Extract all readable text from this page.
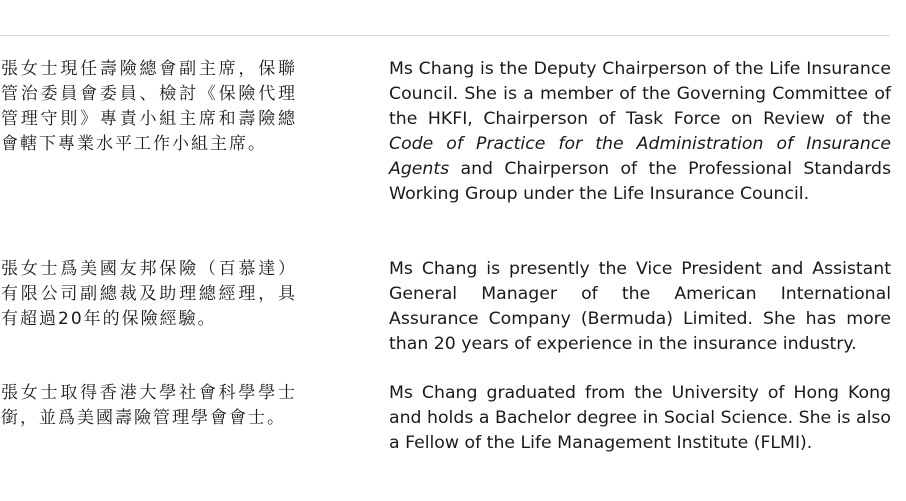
張女士現任壽險總會副主席，保聯管治委員會委員、檢討《保險代理管理守則》專責小組主席和壽險總會轄下專業水平工作小組主席。

Ms Chang is the Deputy Chairperson of the Life Insurance Council. She is a member of the Governing Committee of the HKFI, Chairperson of Task Force on Review of the Code of Practice for the Administration of Insurance Agents and Chairperson of the Professional Standards Working Group under the Life Insurance Council.

張女士爲美國友邦保險（百慕達）有限公司副總裁及助理總經理，具有超過20年的保險經驗。

Ms Chang is presently the Vice President and Assistant General Manager of the American International Assurance Company (Bermuda) Limited. She has more than 20 years of experience in the insurance industry.

張女士取得香港大學社會科學學士銜，並爲美國壽險管理學會會士。

Ms Chang graduated from the University of Hong Kong and holds a Bachelor degree in Social Science. She is also a Fellow of the Life Management Institute (FLMI).
